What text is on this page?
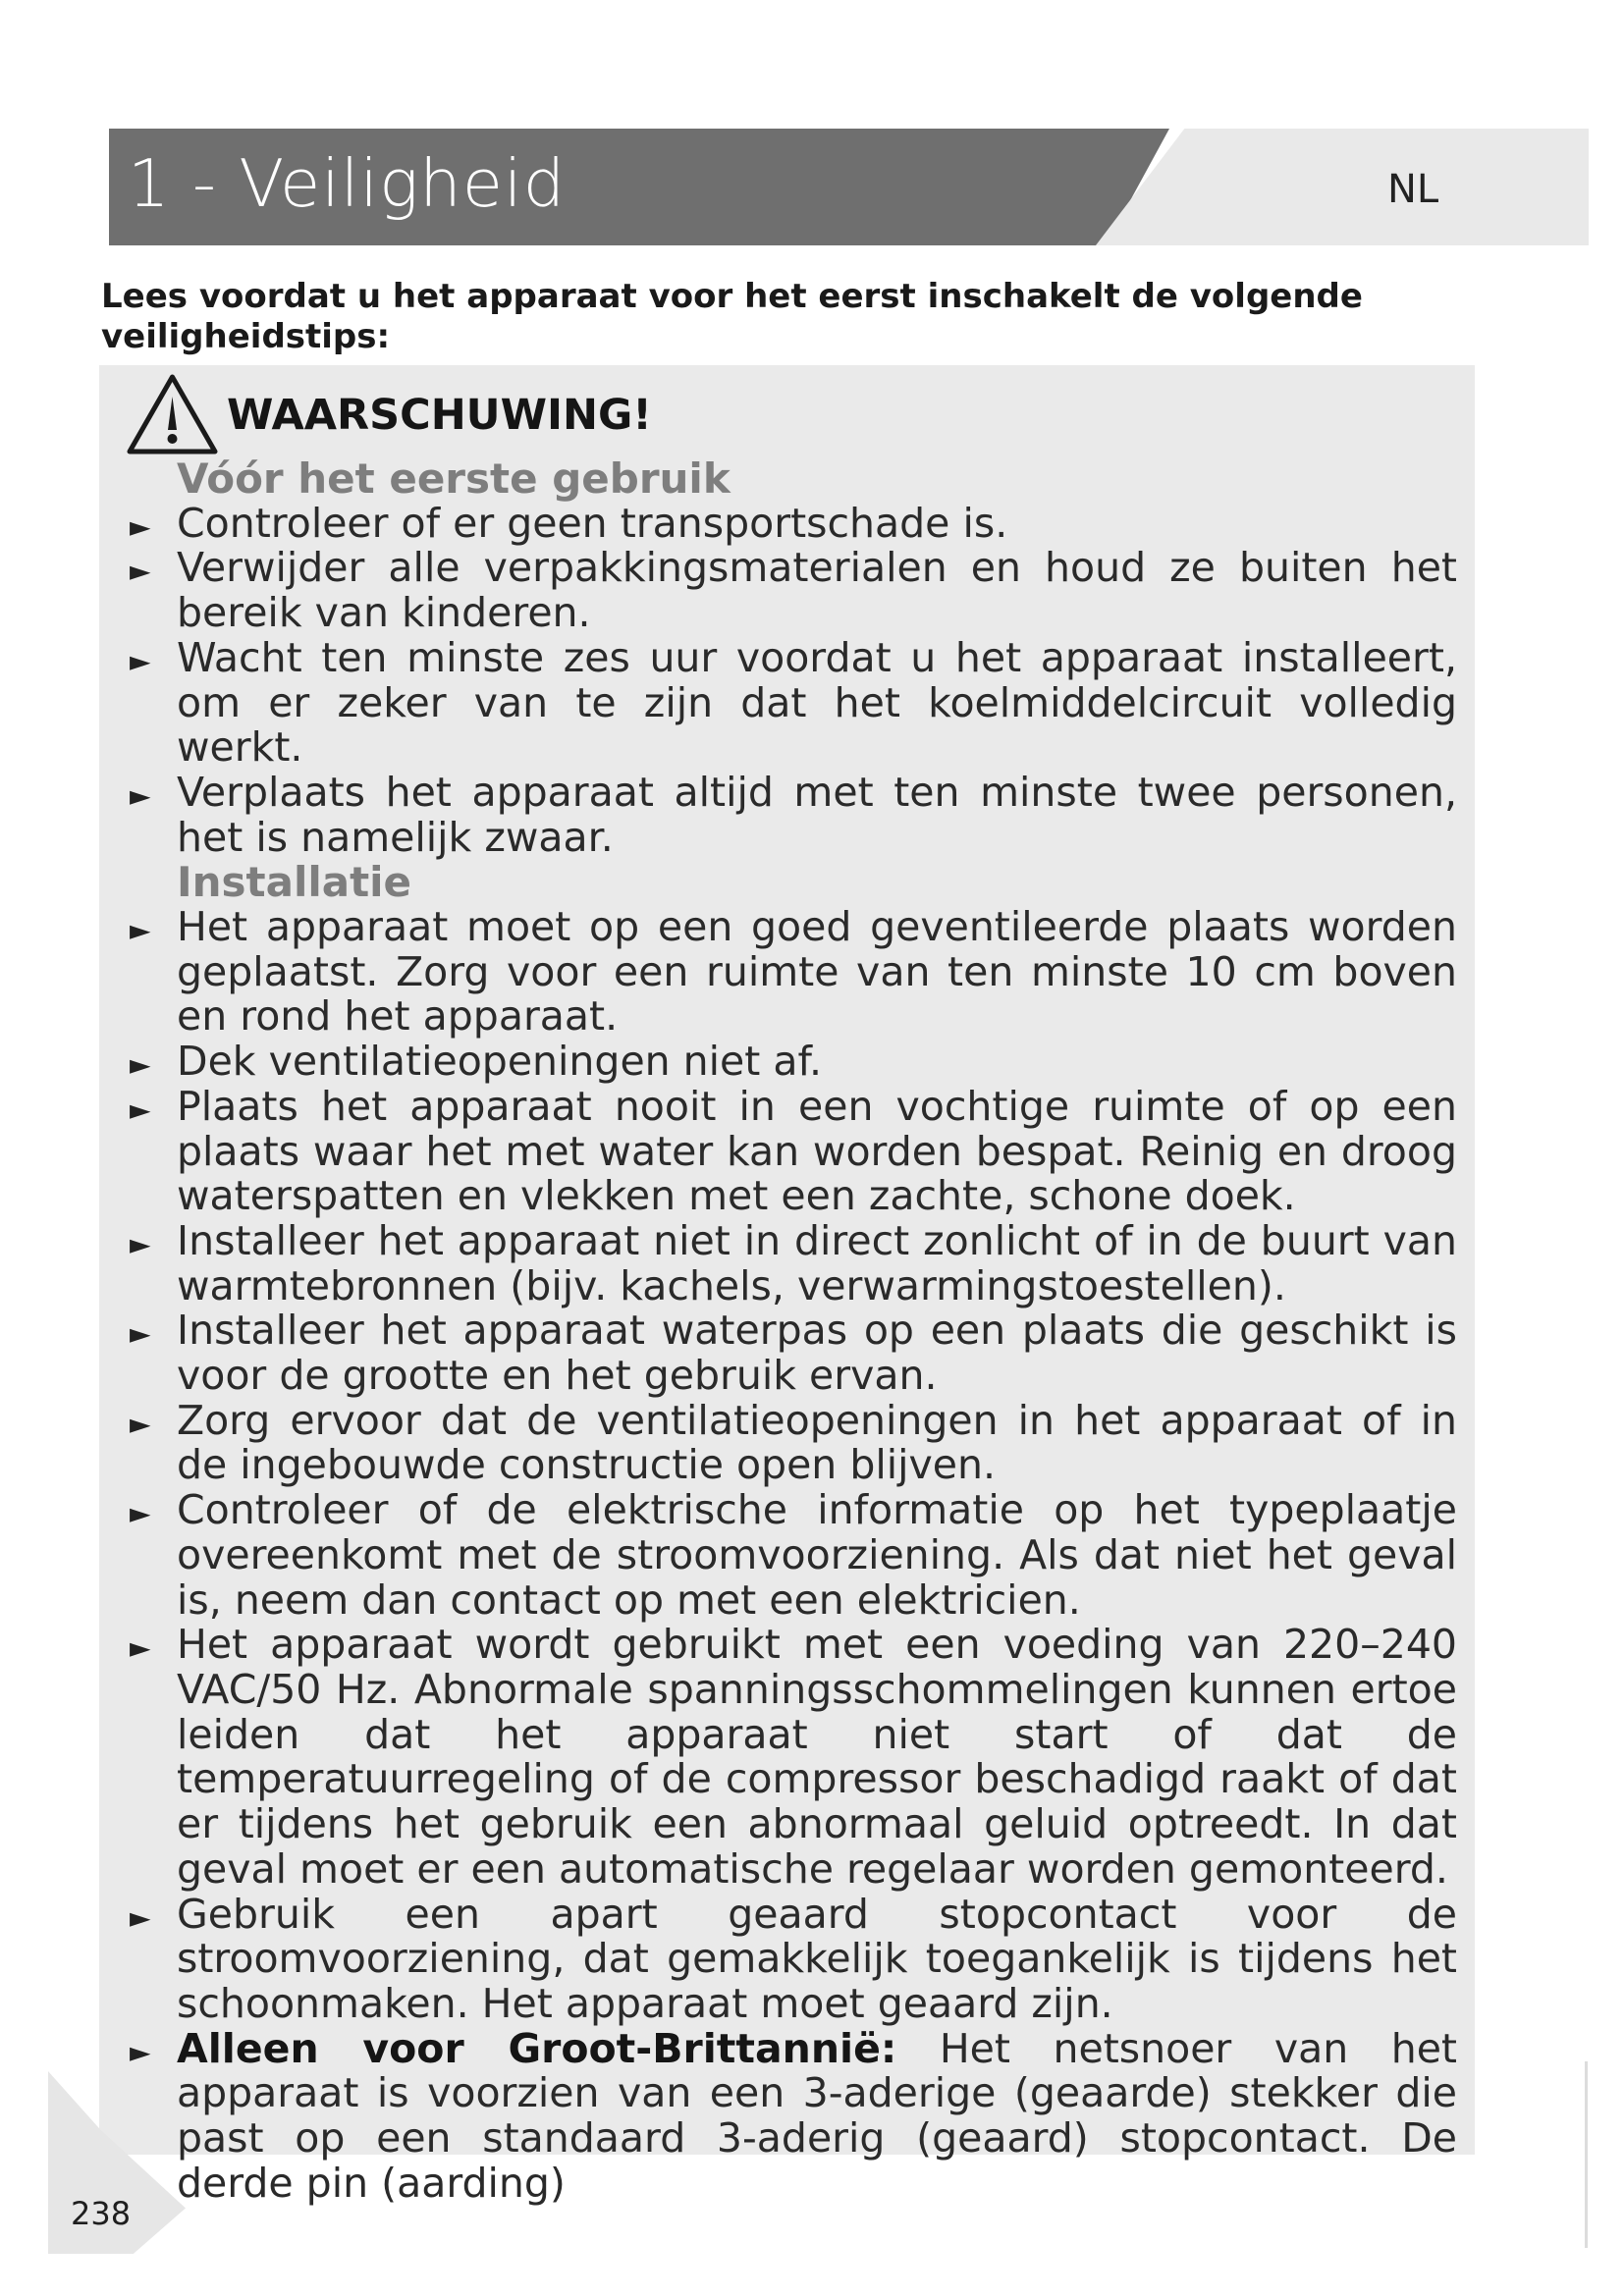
1 - Veiligheid	NL
Lees voordat u het apparaat voor het eerst inschakelt de volgende veiligheidstips:
WAARSCHUWING!
Vóór het eerste gebruik
► Controleer of er geen transportschade is.
► Verwijder alle verpakkingsmaterialen en houd ze buiten het bereik van kinderen.
► Wacht ten minste zes uur voordat u het apparaat installeert, om er zeker van te zijn dat het koelmiddelcircuit volledig werkt.
► Verplaats het apparaat altijd met ten minste twee personen, het is namelijk zwaar.
Installatie
► Het apparaat moet op een goed geventileerde plaats worden geplaatst. Zorg voor een ruimte van ten minste 10 cm boven en rond het apparaat.
► Dek ventilatieopeningen niet af.
► Plaats het apparaat nooit in een vochtige ruimte of op een plaats waar het met water kan worden bespat. Reinig en droog waterspatten en vlekken met een zachte, schone doek.
► Installeer het apparaat niet in direct zonlicht of in de buurt van warmtebronnen (bijv. kachels, verwarmingstoestellen).
► Installeer het apparaat waterpas op een plaats die geschikt is voor de grootte en het gebruik ervan.
► Zorg ervoor dat de ventilatieopeningen in het apparaat of in de ingebouwde constructie open blijven.
► Controleer of de elektrische informatie op het typeplaatje overeenkomt met de stroomvoorziening. Als dat niet het geval is, neem dan contact op met een elektricien.
► Het apparaat wordt gebruikt met een voeding van 220–240 VAC/50 Hz. Abnormale spanningsschommelingen kunnen ertoe leiden dat het apparaat niet start of dat de temperatuurregeling of de compressor beschadigd raakt of dat er tijdens het gebruik een abnormaal geluid optreedt. In dat geval moet er een automatische regelaar worden gemonteerd.
► Gebruik een apart geaard stopcontact voor de stroomvoorziening, dat gemakkelijk toegankelijk is tijdens het schoonmaken. Het apparaat moet geaard zijn.
► Alleen voor Groot-Brittannië: Het netsnoer van het apparaat is voorzien van een 3-aderige (geaarde) stekker die past op een standaard 3-aderig (geaard) stopcontact. De derde pin (aarding)
238
